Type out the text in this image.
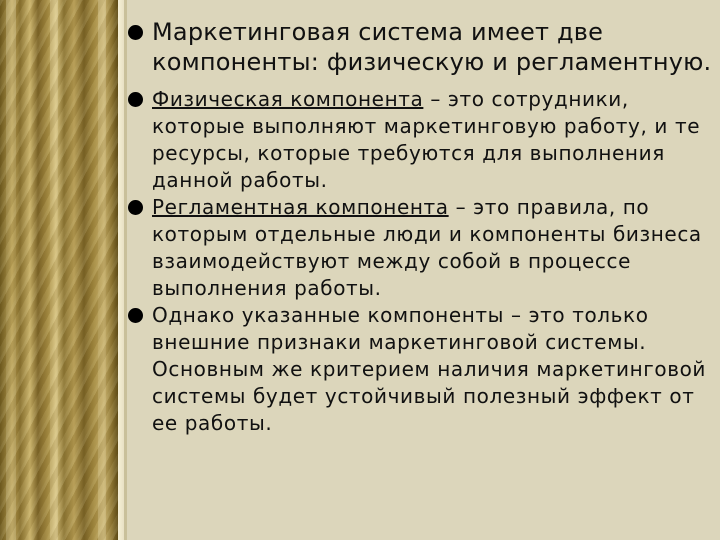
Маркетинговая система имеет две компоненты: физическую и регламентную.
Физическая компонента – это сотрудники, которые выполняют маркетинговую работу, и те ресурсы, которые требуются для выполнения данной работы.
Регламентная компонента – это правила, по которым отдельные люди и компоненты бизнеса взаимодействуют между собой в процессе выполнения работы.
Однако указанные компоненты – это только внешние признаки маркетинговой системы. Основным же критерием наличия маркетинговой системы будет устойчивый полезный эффект от ее работы.
